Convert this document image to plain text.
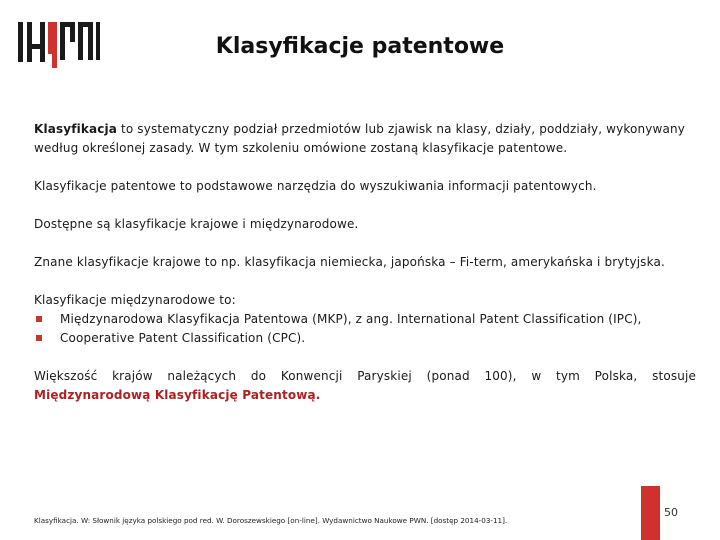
Klasyfikacje patentowe

Klasyfikacja to systematyczny podział przedmiotów lub zjawisk na klasy, działy, poddziały, wykonywany
według określonej zasady. W tym szkoleniu omówione zostaną klasyfikacje patentowe.

Klasyfikacje patentowe to podstawowe narzędzia do wyszukiwania informacji patentowych.

Dostępne są klasyfikacje krajowe i międzynarodowe.

Znane klasyfikacje krajowe to np. klasyfikacja niemiecka, japońska – Fi-term, amerykańska i brytyjska.

Klasyfikacje międzynarodowe to:

Międzynarodowa Klasyfikacja Patentowa (MKP), z ang. International Patent Classification (IPC),
Cooperative Patent Classification (CPC).

Większość krajów należących do Konwencji Paryskiej (ponad 100), w tym Polska, stosuje

Międzynarodową Klasyfikację Patentową.

Klasyfikacja. W: Słownik języka polskiego pod red. W. Doroszewskiego [on-line]. Wydawnictwo Naukowe PWN. [dostęp 2014-03-11].
50
